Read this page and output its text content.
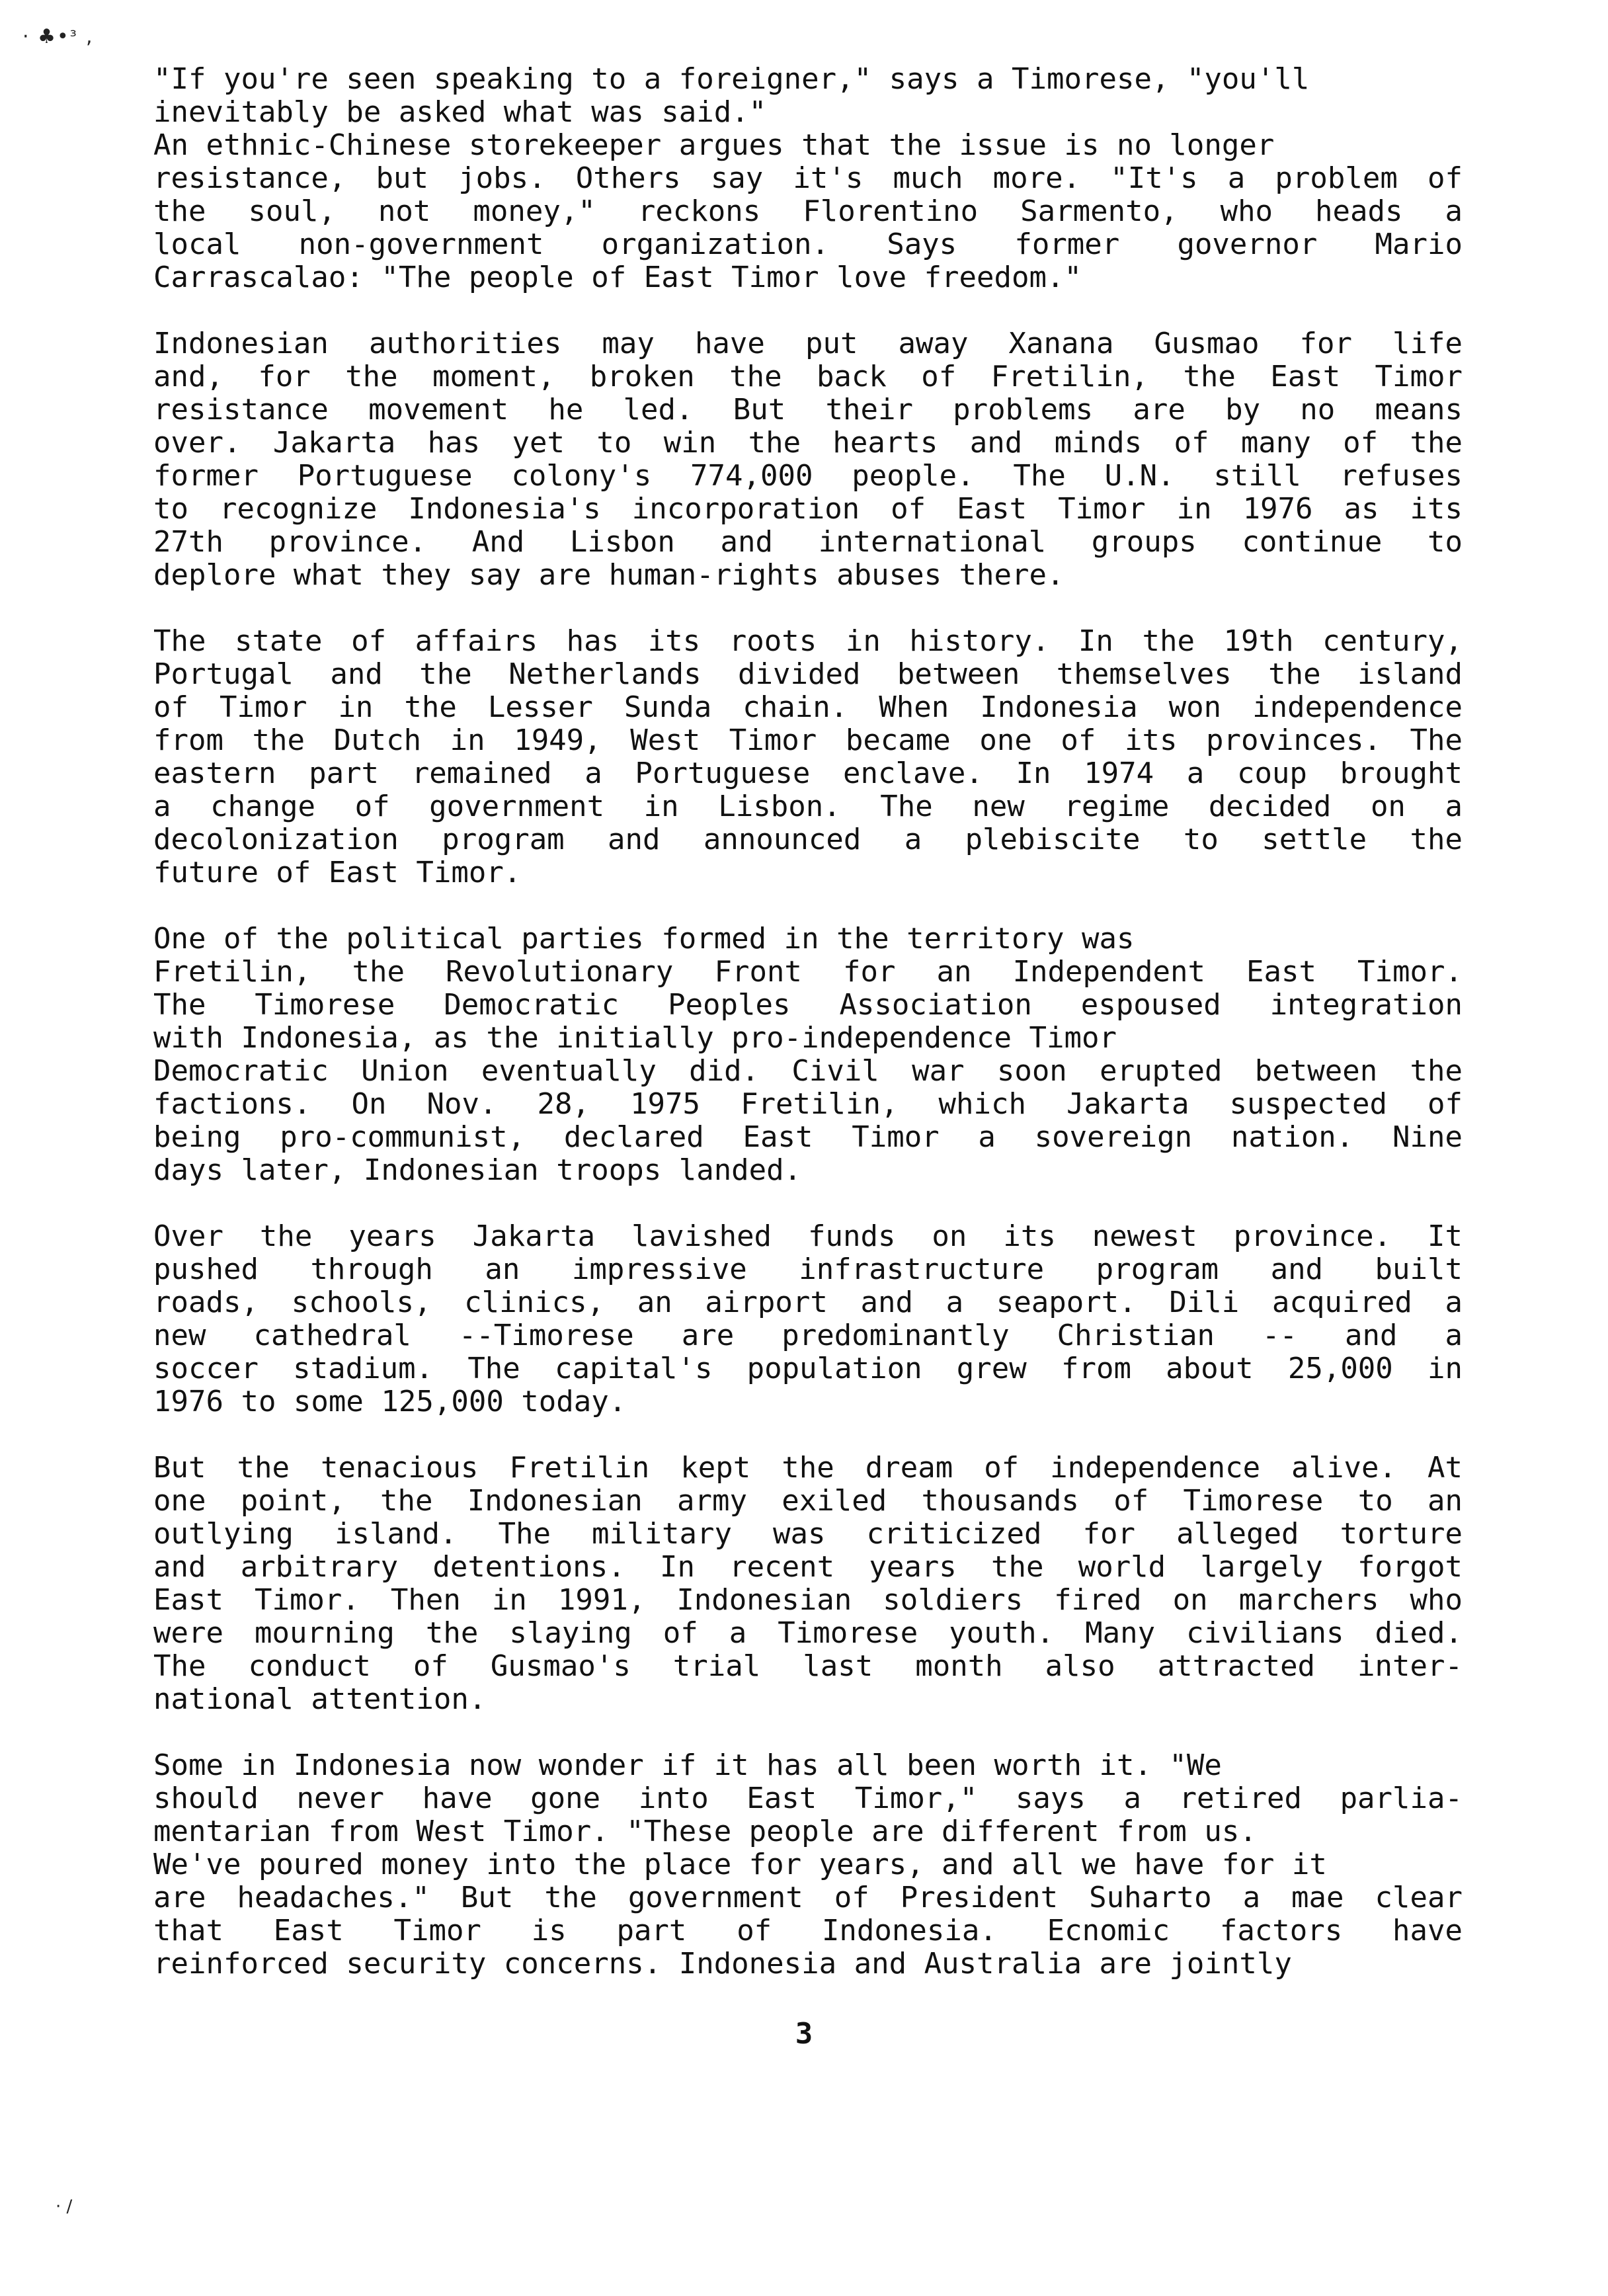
· ♣•ᶟ ,
"If you're seen speaking to a foreigner," says a Timorese, "you'll
inevitably be asked what was said."
An ethnic-Chinese storekeeper argues that the issue is no longer
resistance, but jobs. Others say it's much more. "It's a problem of
the soul, not money," reckons Florentino Sarmento, who heads a
local non-government organization. Says former governor Mario
Carrascalao: "The people of East Timor love freedom."
Indonesian authorities may have put away Xanana Gusmao for life
and, for the moment, broken the back of Fretilin, the East Timor
resistance movement he led. But their problems are by no means
over. Jakarta has yet to win the hearts and minds of many of the
former Portuguese colony's 774,000 people. The U.N. still refuses
to recognize Indonesia's incorporation of East Timor in 1976 as its
27th province. And Lisbon and international groups continue to
deplore what they say are human-rights abuses there.
The state of affairs has its roots in history. In the 19th century,
Portugal and the Netherlands divided between themselves the island
of Timor in the Lesser Sunda chain. When Indonesia won independence
from the Dutch in 1949, West Timor became one of its provinces. The
eastern part remained a Portuguese enclave. In 1974 a coup brought
a change of government in Lisbon. The new regime decided on a
decolonization program and announced a plebiscite to settle the
future of East Timor.
One of the political parties formed in the territory was
Fretilin, the Revolutionary Front for an Independent East Timor.
The Timorese Democratic Peoples Association espoused integration
with Indonesia, as the initially pro-independence Timor
Democratic Union eventually did. Civil war soon erupted between the
factions. On Nov. 28, 1975 Fretilin, which Jakarta suspected of
being pro-communist, declared East Timor a sovereign nation. Nine
days later, Indonesian troops landed.
Over the years Jakarta lavished funds on its newest province. It
pushed through an impressive infrastructure program and built
roads, schools, clinics, an airport and a seaport. Dili acquired a
new cathedral --Timorese are predominantly Christian -- and a
soccer stadium. The capital's population grew from about 25,000 in
1976 to some 125,000 today.
But the tenacious Fretilin kept the dream of independence alive. At
one point, the Indonesian army exiled thousands of Timorese to an
outlying island. The military was criticized for alleged torture
and arbitrary detentions. In recent years the world largely forgot
East Timor. Then in 1991, Indonesian soldiers fired on marchers who
were mourning the slaying of a Timorese youth. Many civilians died.
The conduct of Gusmao's trial last month also attracted inter-
national attention.
Some in Indonesia now wonder if it has all been worth it. "We
should never have gone into East Timor," says a retired parlia-
mentarian from West Timor. "These people are different from us.
We've poured money into the place for years, and all we have for it
are headaches." But the government of President Suharto a mae clear
that East Timor is part of Indonesia. Ecnomic factors have
reinforced security concerns. Indonesia and Australia are jointly
3
· /
